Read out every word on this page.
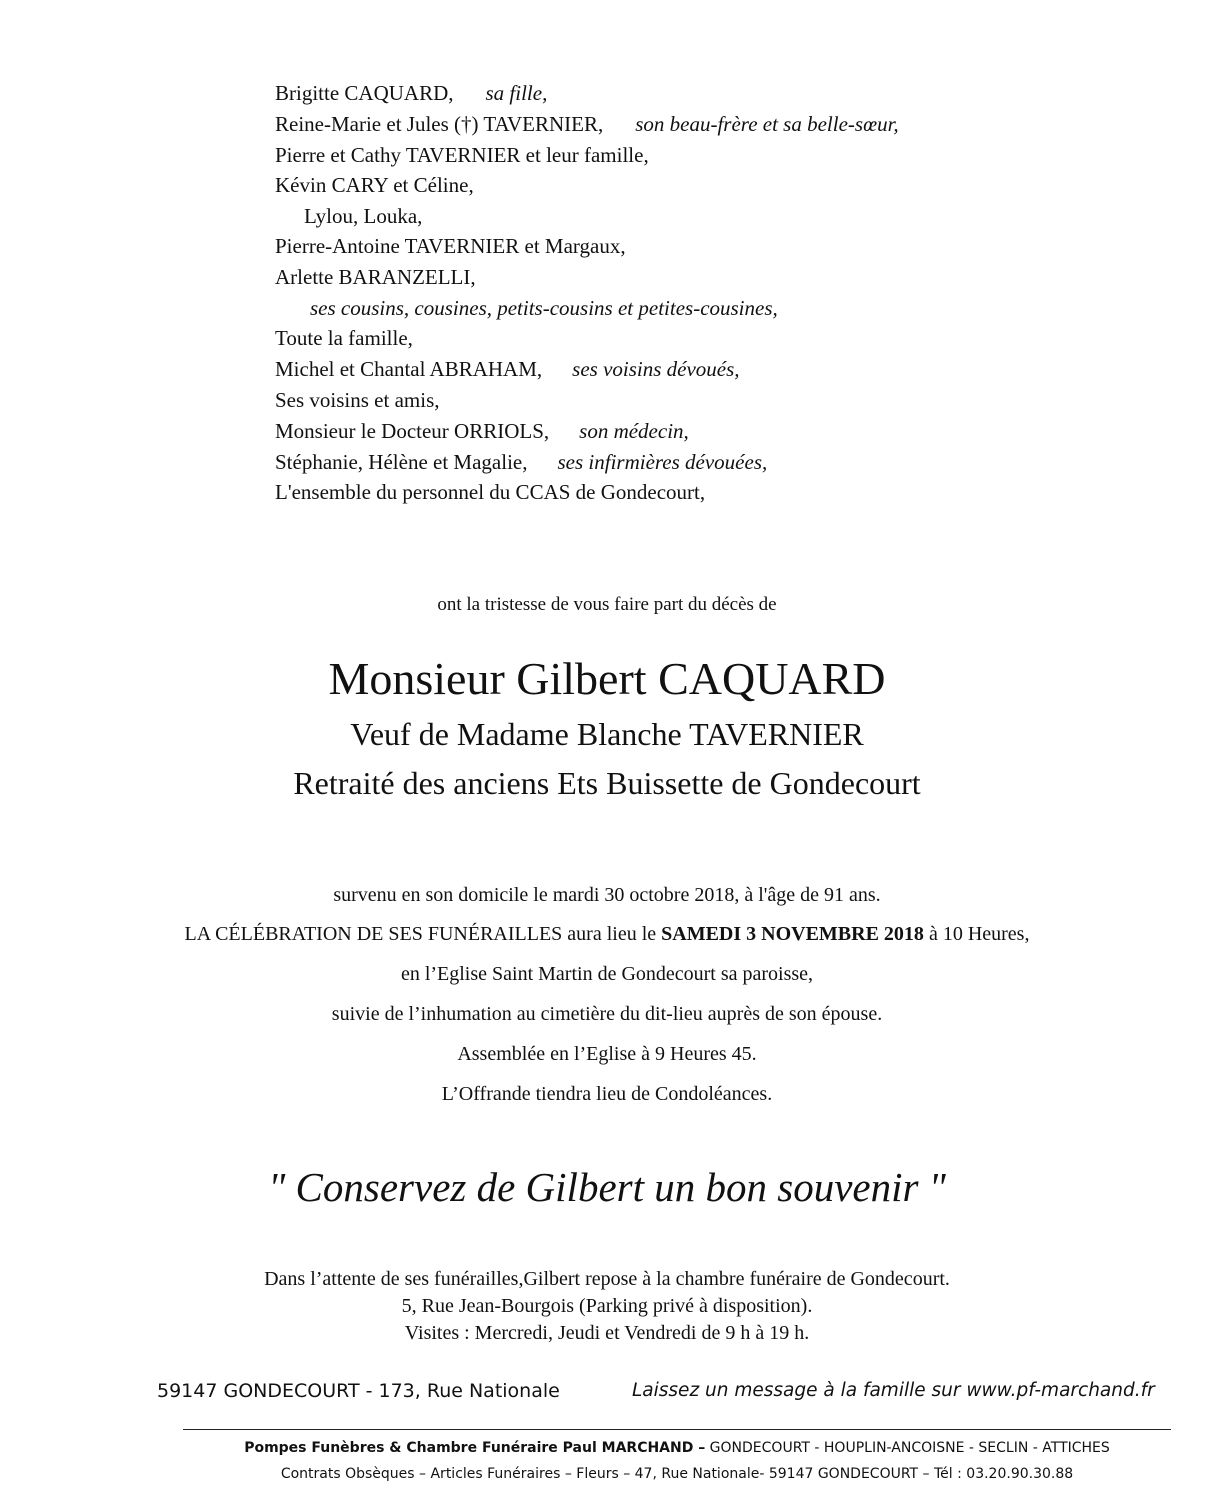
Brigitte CAQUARD, sa fille,
Reine-Marie et Jules (†) TAVERNIER, son beau-frère et sa belle-sœur,
Pierre et Cathy TAVERNIER et leur famille,
Kévin CARY et Céline,
Lylou, Louka,
Pierre-Antoine TAVERNIER et Margaux,
Arlette BARANZELLI,
ses cousins, cousines, petits-cousins et petites-cousines,
Toute la famille,
Michel et Chantal ABRAHAM, ses voisins dévoués,
Ses voisins et amis,
Monsieur le Docteur ORRIOLS, son médecin,
Stéphanie, Hélène et Magalie, ses infirmières dévouées,
L'ensemble du personnel du CCAS de Gondecourt,
ont la tristesse de vous faire part du décès de
Monsieur Gilbert CAQUARD
Veuf de Madame Blanche TAVERNIER
Retraité des anciens Ets Buissette de Gondecourt
survenu en son domicile le mardi 30 octobre 2018, à l'âge de 91 ans.
LA CÉLÉBRATION DE SES FUNÉRAILLES aura lieu le SAMEDI 3 NOVEMBRE 2018 à 10 Heures,
en l’Eglise Saint Martin de Gondecourt sa paroisse,
suivie de l’inhumation au cimetière du dit-lieu auprès de son épouse.
Assemblée en l’Eglise à 9 Heures 45.
L’Offrande tiendra lieu de Condoléances.
" Conservez de Gilbert un bon souvenir "
Dans l’attente de ses funérailles,Gilbert repose à la chambre funéraire de Gondecourt.
5, Rue Jean-Bourgois (Parking privé à disposition).
Visites : Mercredi, Jeudi et Vendredi de 9 h à 19 h.
59147 GONDECOURT - 173, Rue Nationale	Laissez un message à la famille sur www.pf-marchand.fr
Pompes Funèbres & Chambre Funéraire Paul MARCHAND – GONDECOURT - HOUPLIN-ANCOISNE - SECLIN - ATTICHES
Contrats Obsèques – Articles Funéraires – Fleurs – 47, Rue Nationale- 59147 GONDECOURT – Tél : 03.20.90.30.88
